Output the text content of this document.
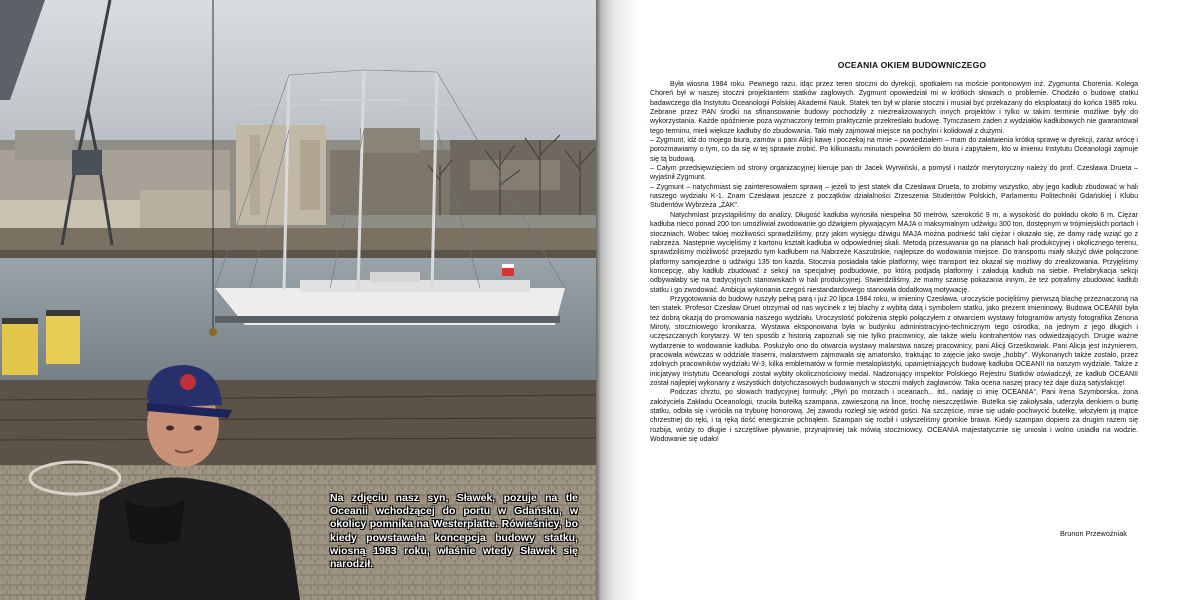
Na zdjęciu nasz syn, Sławek, pozuje na tle Oceanii wchodzącej do portu w Gdańsku, w okolicy pomnika na Westerplatte. Rówieśnicy, bo kiedy powstawała koncepcja budowy statku, wiosną 1983 roku, właśnie wtedy Sławek się narodził.
OCEANIA OKIEM BUDOWNICZEGO

Była wiosna 1984 roku. Pewnego razu, idąc przez teren stoczni do dyrekcji, spotkałem na moście pontonowym inż. Zygmunta Chorenia. Kolega Choreń był w naszej stoczni projektantem statków żaglowych. Zygmunt opowiedział mi w krótkich słowach o problemie. Chodziło o budowę statku badawczego dla Instytutu Oceanologii Polskiej Akademii Nauk. Statek ten był w planie stoczni i musiał być przekazany do eksploatacji do końca 1985 roku. Zebrane przez PAN środki na sfinansowanie budowy pochodziły z niezrealizowanych innych projektów i tylko w takim terminie możliwe były do wykorzystania. Każde opóźnienie poza wyznaczony termin praktycznie przekreślało budowę. Tymczasem żaden z wydziałów kadłubowych nie gwarantował tego terminu, mieli większe kadłuby do zbudowania. Taki mały zajmował miejsce na pochylni i kolidował z dużymi.

– Zygmunt, idź do mojego biura, zamów u pani Alicji kawę i poczekaj na mnie – powiedziałem – mam do załatwienia krótką sprawę w dyrekcji, zaraz wrócę i porozmawiamy o tym, co da się w tej sprawie zrobić. Po kilkunastu minutach powróciłem do biura i zapytałem, kto w imieniu Instytutu Oceanologii zajmuje się tą budową.

– Całym przedsięwzięciem od strony organizacyjnej kieruje pan dr Jacek Wyrwiński, a pomysł i nadzór merytoryczny należy do prof. Czesława Drueta – wyjaśnił Zygmunt.

– Zygmunt – natychmiast się zainteresowałem sprawą – jeżeli to jest statek dla Czesława Drueta, to zrobimy wszystko, aby jego kadłub zbudować w hali naszego wydziału K-1. Znam Czesława jeszcze z początków działalności Zrzeszenia Studentów Polskich, Parlamentu Politechniki Gdańskiej i Klubu Studentów Wybrzeża „ŻAK".

Natychmiast przystąpiliśmy do analizy. Długość kadłuba wynosiła niespełna 50 metrów, szerokość 9 m, a wysokość do pokładu około 6 m. Ciężar kadłuba nieco ponad 200 ton umożliwiał zwodowanie go dźwigiem pływającym MAJA o maksymalnym udźwigu 300 ton, dostępnym w trójmiejskich portach i stoczniach. Wobec takiej możliwości sprawdziliśmy, przy jakim wysięgu dźwigu MAJA można podnieść taki ciężar i okazało się, że damy radę wziąć go z nabrzeża. Następnie wycięliśmy z kartonu kształt kadłuba w odpowiedniej skali. Metodą przesuwania go na planach hali produkcyjnej i okolicznego terenu, sprawdziliśmy możliwość przejazdu tym kadłubem na Nabrzeże Kaszubskie, najlepsze do wodowania miejsce. Do transportu miały służyć dwie połączone platformy samojezdne o udźwigu 135 ton każda. Stocznia posiadała takie platformy, więc transport też okazał się możliwy do zrealizowania. Przyjęliśmy koncepcję, aby kadłub zbudować z sekcji na specjalnej podbudowie, po którą podjadą platformy i załadują kadłub na siebie. Prefabrykacja sekcji odbywałaby się na tradycyjnych stanowiskach w hali produkcyjnej. Stwierdziliśmy, że mamy szansę pokazania innym, że też potrafimy zbudować kadłub statku i go zwodować. Ambicja wykonania czegoś niestandardowego stanowiła dodatkową motywację.

Przygotowania do budowy ruszyły pełną parą i już 20 lipca 1984 roku, w imieniny Czesława, uroczyście pocięliśmy pierwszą blachę przeznaczoną na ten statek. Profesor Czesław Druet otrzymał od nas wycinek z tej blachy z wybitą datą i symbolem statku, jako prezent imieninowy. Budowa OCEANII była też dobrą okazją do promowania naszego wydziału. Uroczystość położenia stępki połączyłem z otwarciem wystawy fotogramów artysty fotografika Zenona Miroty, stoczniowego kronikarza. Wystawa eksponowana była w budynku administracyjno-technicznym tego ośrodka, na jednym z jego długich i uczęszczanych korytarzy. W ten sposób z historią zapoznali się nie tylko pracownicy, ale także wielu kontrahentów nas odwiedzających. Drugie ważne wydarzenie to wodowanie kadłuba. Posłużyło ono do otwarcia wystawy malarstwa naszej pracownicy, pani Alicji Grześkowiak. Pani Alicja jest inżynierem, pracowała wówczas w oddziale traserni, malarstwem zajmowała się amatorsko, traktując to zajęcie jako swoje „hobby". Wykonanych także zostało, przez zdolnych pracowników wydziału W-3, kilka emblematów w formie metaloplastyki, upamiętniających budowę kadłuba OCEANII na naszym wydziale. Także z inicjatywy Instytutu Oceanologii został wybity okolicznościowy medal. Nadzorujący inspektor Polskiego Rejestru Statków oświadczył, że kadłub OCEANII został najlepiej wykonany z wszystkich dotychczasowych budowanych w stoczni małych żaglowców. Taka ocena naszej pracy też daje dużą satysfakcję!

Podczas chrztu, po słowach tradycyjnej formuły: „Płyń po morzach i oceanach... itd., nadaję ci imię OCEANIA", Pani Irena Szymborska, żona założyciela Zakładu Oceanologii, rzuciła butelką szampana, zawieszoną na lince, trochę nieszczęśliwie. Butelka się zakołysała, uderzyła denkiem o burtę statku, odbiła się i wróciła na trybunę honorową. Jej zawodu rozległ się wśród gości. Na szczęście, mnie się udało pochwycić butelkę, włożyłem ją mątce chrzestnej do ręki, i tą ręką dość energicznie pchnąłem. Szampan się rozbił i usłyszeliśmy gromkie brawa. Kiedy szampan dopiero za drugim razem się rozbija, wróży to długie i szczęśliwe pływanie, przynajmniej tak mówią stoczniowcy. OCEANIA majestatycznie się uniosła i wolno usiadła na wodzie. Wodowanie się udało!

Brunon Przewoźniak
